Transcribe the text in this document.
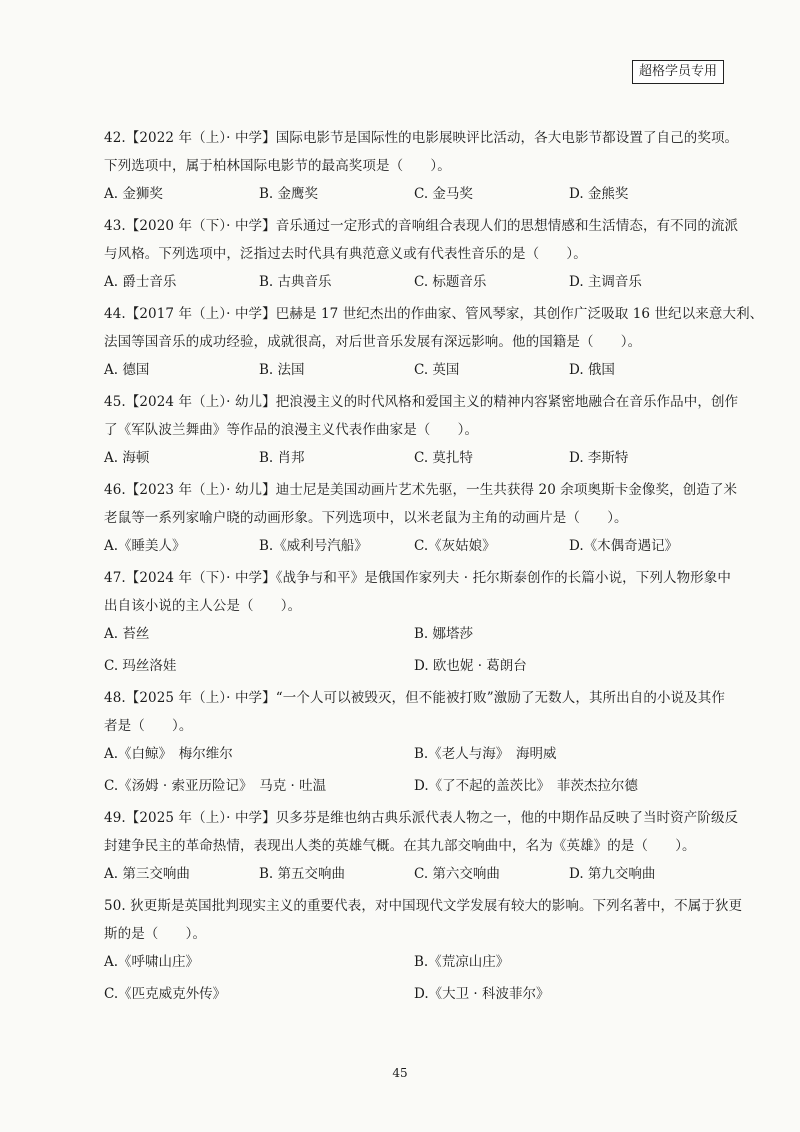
超格学员专用
42.【2022 年（上）· 中学】国际电影节是国际性的电影展映评比活动，各大电影节都设置了自己的奖项。
下列选项中，属于柏林国际电影节的最高奖项是（　　）。
A. 金狮奖	B. 金鹰奖	C. 金马奖	D. 金熊奖
43.【2020 年（下）· 中学】音乐通过一定形式的音响组合表现人们的思想情感和生活情态，有不同的流派
与风格。下列选项中，泛指过去时代具有典范意义或有代表性音乐的是（　　）。
A. 爵士音乐	B. 古典音乐	C. 标题音乐	D. 主调音乐
44.【2017 年（上）· 中学】巴赫是 17 世纪杰出的作曲家、管风琴家，其创作广泛吸取 16 世纪以来意大利、
法国等国音乐的成功经验，成就很高，对后世音乐发展有深远影响。他的国籍是（　　）。
A. 德国	B. 法国	C. 英国	D. 俄国
45.【2024 年（上）· 幼儿】把浪漫主义的时代风格和爱国主义的精神内容紧密地融合在音乐作品中，创作
了《军队波兰舞曲》等作品的浪漫主义代表作曲家是（　　）。
A. 海顿	B. 肖邦	C. 莫扎特	D. 李斯特
46.【2023 年（上）· 幼儿】迪士尼是美国动画片艺术先驱，一生共获得 20 余项奥斯卡金像奖，创造了米
老鼠等一系列家喻户晓的动画形象。下列选项中，以米老鼠为主角的动画片是（　　）。
A.《睡美人》	B.《威利号汽船》	C.《灰姑娘》	D.《木偶奇遇记》
47.【2024 年（下）· 中学】《战争与和平》是俄国作家列夫 · 托尔斯泰创作的长篇小说，下列人物形象中
出自该小说的主人公是（　　）。
A. 苔丝	B. 娜塔莎
C. 玛丝洛娃	D. 欧也妮 · 葛朗台
48.【2025 年（上）· 中学】“一个人可以被毁灭，但不能被打败”激励了无数人，其所出自的小说及其作
者是（　　）。
A.《白鲸》　梅尔维尔	B.《老人与海》　海明威
C.《汤姆 · 索亚历险记》　马克 · 吐温	D.《了不起的盖茨比》　菲茨杰拉尔德
49.【2025 年（上）· 中学】贝多芬是维也纳古典乐派代表人物之一，他的中期作品反映了当时资产阶级反
封建争民主的革命热情，表现出人类的英雄气概。在其九部交响曲中，名为《英雄》的是（　　）。
A. 第三交响曲	B. 第五交响曲	C. 第六交响曲	D. 第九交响曲
50. 狄更斯是英国批判现实主义的重要代表，对中国现代文学发展有较大的影响。下列名著中，不属于狄更
斯的是（　　）。
A.《呼啸山庄》	B.《荒凉山庄》
C.《匹克威克外传》	D.《大卫 · 科波菲尔》
45
